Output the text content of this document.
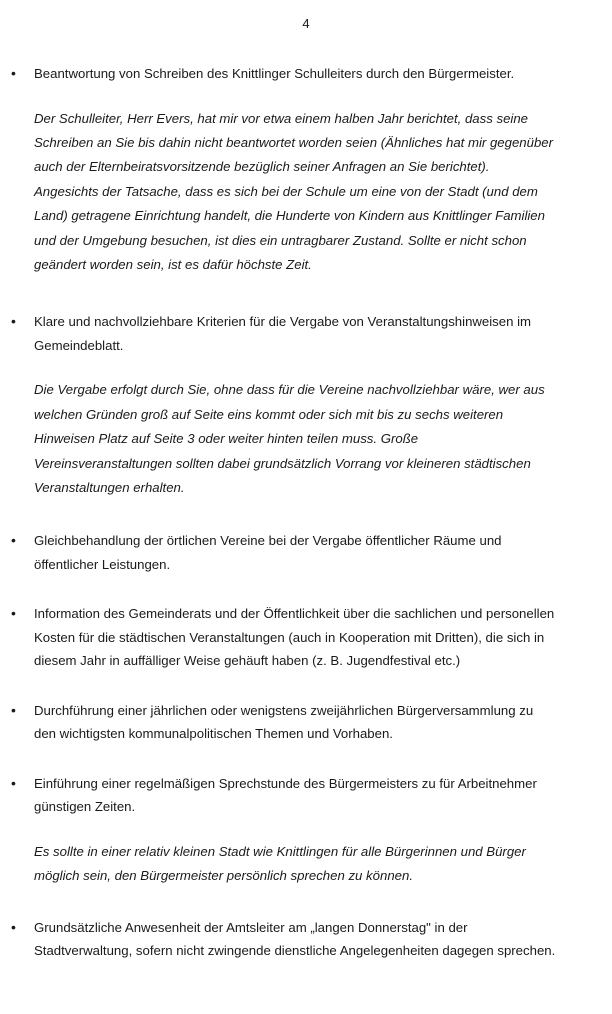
4
• Beantwortung von Schreiben des Knittlinger Schulleiters durch den Bürgermeister.
Der Schulleiter, Herr Evers, hat mir vor etwa einem halben Jahr berichtet, dass seine
Schreiben an Sie bis dahin nicht beantwortet worden seien (Ähnliches hat mir gegenüber
auch der Elternbeiratsvorsitzende bezüglich seiner Anfragen an Sie berichtet).
Angesichts der Tatsache, dass es sich bei der Schule um eine von der Stadt (und dem
Land) getragene Einrichtung handelt, die Hunderte von Kindern aus Knittlinger Familien
und der Umgebung besuchen, ist dies ein untragbarer Zustand. Sollte er nicht schon
geändert worden sein, ist es dafür höchste Zeit.
• Klare und nachvollziehbare Kriterien für die Vergabe von Veranstaltungshinweisen im
Gemeindeblatt.
Die Vergabe erfolgt durch Sie, ohne dass für die Vereine nachvollziehbar wäre, wer aus
welchen Gründen groß auf Seite eins kommt oder sich mit bis zu sechs weiteren
Hinweisen Platz auf Seite 3 oder weiter hinten teilen muss. Große
Vereinsveranstaltungen sollten dabei grundsätzlich Vorrang vor kleineren städtischen
Veranstaltungen erhalten.
• Gleichbehandlung der örtlichen Vereine bei der Vergabe öffentlicher Räume und
öffentlicher Leistungen.
• Information des Gemeinderats und der Öffentlichkeit über die sachlichen und personellen
Kosten für die städtischen Veranstaltungen (auch in Kooperation mit Dritten), die sich in
diesem Jahr in auffälliger Weise gehäuft haben (z. B. Jugendfestival etc.)
• Durchführung einer jährlichen oder wenigstens zweijährlichen Bürgerversammlung zu
den wichtigsten kommunalpolitischen Themen und Vorhaben.
• Einführung einer regelmäßigen Sprechstunde des Bürgermeisters zu für Arbeitnehmer
günstigen Zeiten.
Es sollte in einer relativ kleinen Stadt wie Knittlingen für alle Bürgerinnen und Bürger
möglich sein, den Bürgermeister persönlich sprechen zu können.
• Grundsätzliche Anwesenheit der Amtsleiter am „langen Donnerstag" in der
Stadtverwaltung, sofern nicht zwingende dienstliche Angelegenheiten dagegen sprechen.
